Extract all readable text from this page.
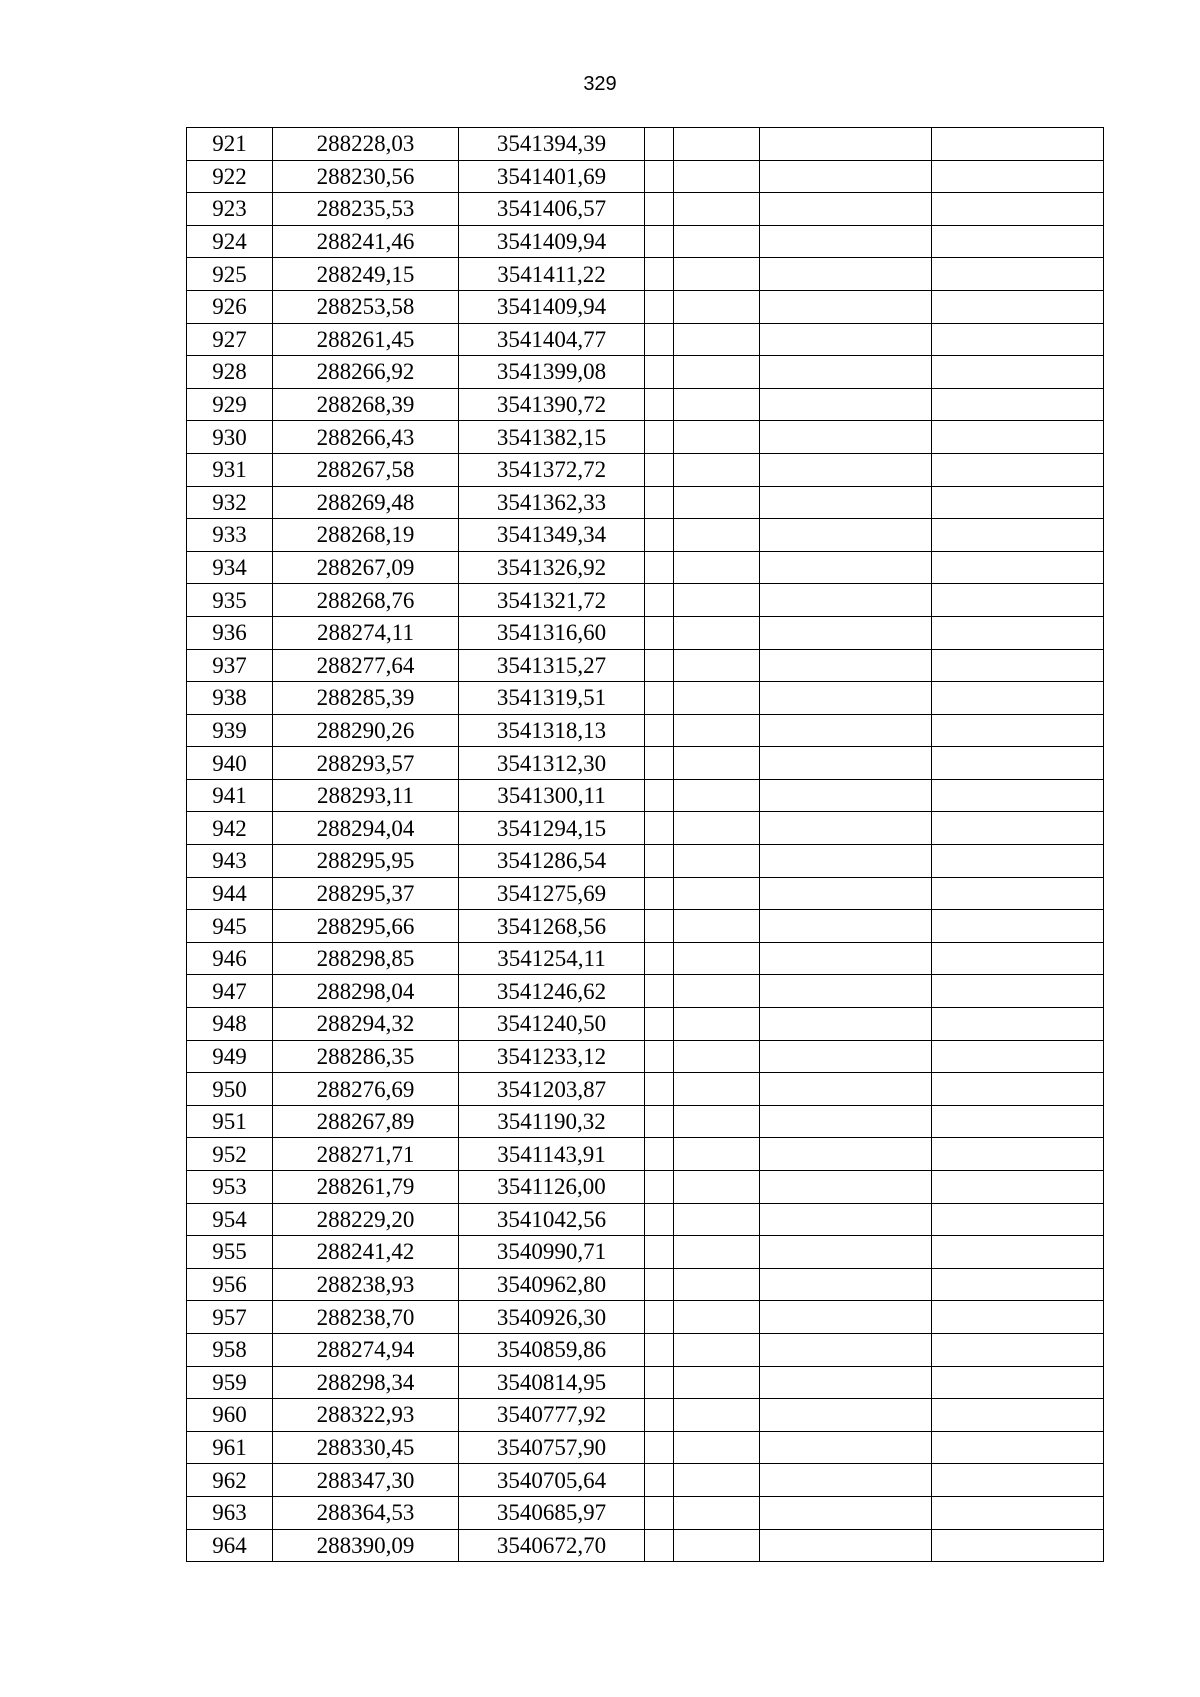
329
921	288228,03	3541394,39				
922	288230,56	3541401,69				
923	288235,53	3541406,57				
924	288241,46	3541409,94				
925	288249,15	3541411,22				
926	288253,58	3541409,94				
927	288261,45	3541404,77				
928	288266,92	3541399,08				
929	288268,39	3541390,72				
930	288266,43	3541382,15				
931	288267,58	3541372,72				
932	288269,48	3541362,33				
933	288268,19	3541349,34				
934	288267,09	3541326,92				
935	288268,76	3541321,72				
936	288274,11	3541316,60				
937	288277,64	3541315,27				
938	288285,39	3541319,51				
939	288290,26	3541318,13				
940	288293,57	3541312,30				
941	288293,11	3541300,11				
942	288294,04	3541294,15				
943	288295,95	3541286,54				
944	288295,37	3541275,69				
945	288295,66	3541268,56				
946	288298,85	3541254,11				
947	288298,04	3541246,62				
948	288294,32	3541240,50				
949	288286,35	3541233,12				
950	288276,69	3541203,87				
951	288267,89	3541190,32				
952	288271,71	3541143,91				
953	288261,79	3541126,00				
954	288229,20	3541042,56				
955	288241,42	3540990,71				
956	288238,93	3540962,80				
957	288238,70	3540926,30				
958	288274,94	3540859,86				
959	288298,34	3540814,95				
960	288322,93	3540777,92				
961	288330,45	3540757,90				
962	288347,30	3540705,64				
963	288364,53	3540685,97				
964	288390,09	3540672,70				
